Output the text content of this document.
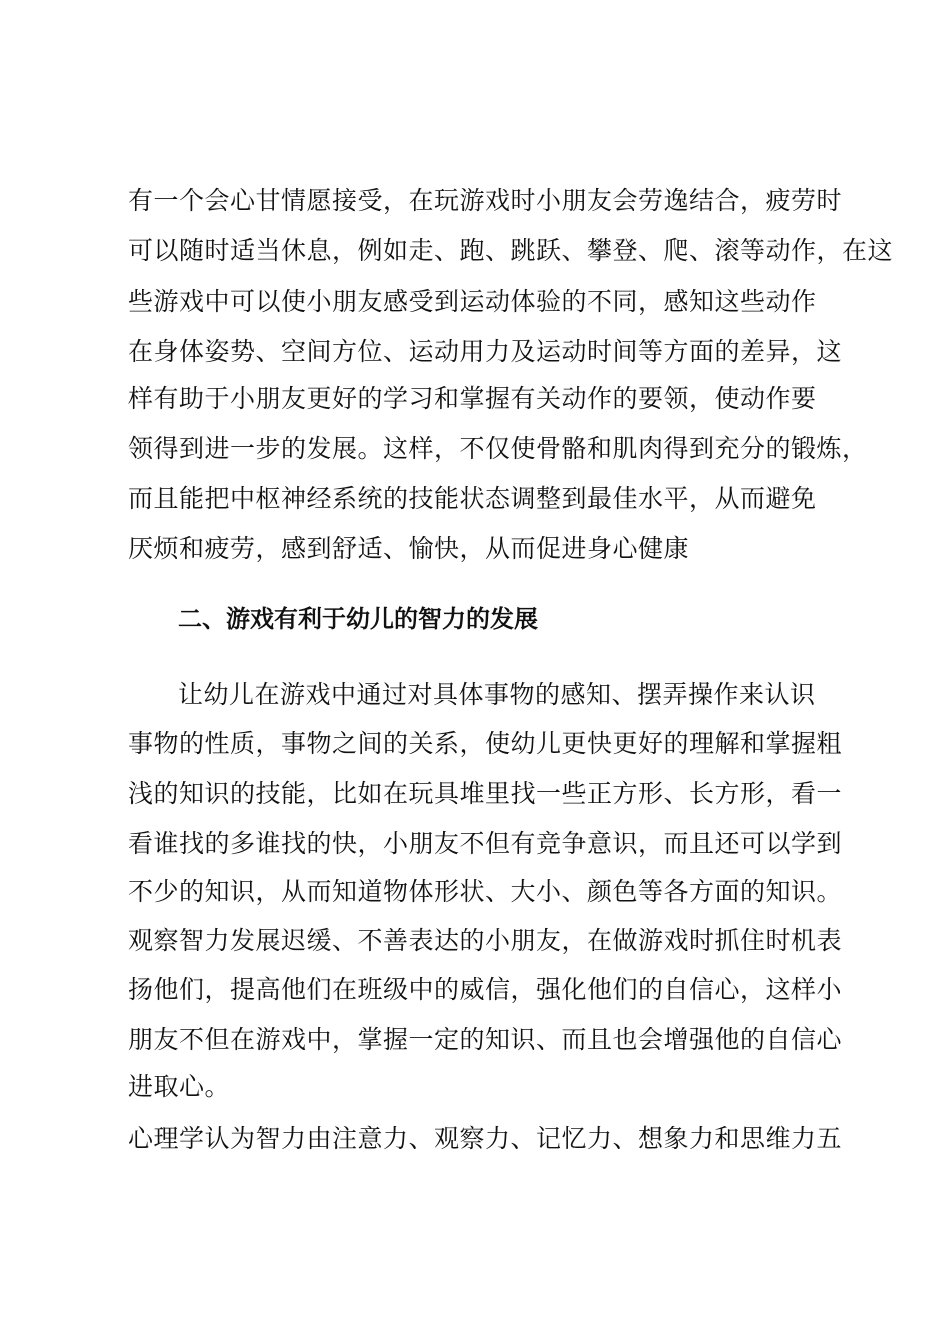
有一个会心甘情愿接受，在玩游戏时小朋友会劳逸结合，疲劳时
可以随时适当休息，例如走、跑、跳跃、攀登、爬、滚等动作，在这
些游戏中可以使小朋友感受到运动体验的不同，感知这些动作
在身体姿势、空间方位、运动用力及运动时间等方面的差异，这
样有助于小朋友更好的学习和掌握有关动作的要领，使动作要
领得到进一步的发展。这样，不仅使骨骼和肌肉得到充分的锻炼，
而且能把中枢神经系统的技能状态调整到最佳水平，从而避免
厌烦和疲劳，感到舒适、愉快，从而促进身心健康
二、游戏有利于幼儿的智力的发展
让幼儿在游戏中通过对具体事物的感知、摆弄操作来认识
事物的性质，事物之间的关系，使幼儿更快更好的理解和掌握粗
浅的知识的技能，比如在玩具堆里找一些正方形、长方形，看一
看谁找的多谁找的快，小朋友不但有竞争意识，而且还可以学到
不少的知识，从而知道物体形状、大小、颜色等各方面的知识。
观察智力发展迟缓、不善表达的小朋友，在做游戏时抓住时机表
扬他们，提高他们在班级中的威信，强化他们的自信心，这样小
朋友不但在游戏中，掌握一定的知识、而且也会增强他的自信心
进取心。
心理学认为智力由注意力、观察力、记忆力、想象力和思维力五
